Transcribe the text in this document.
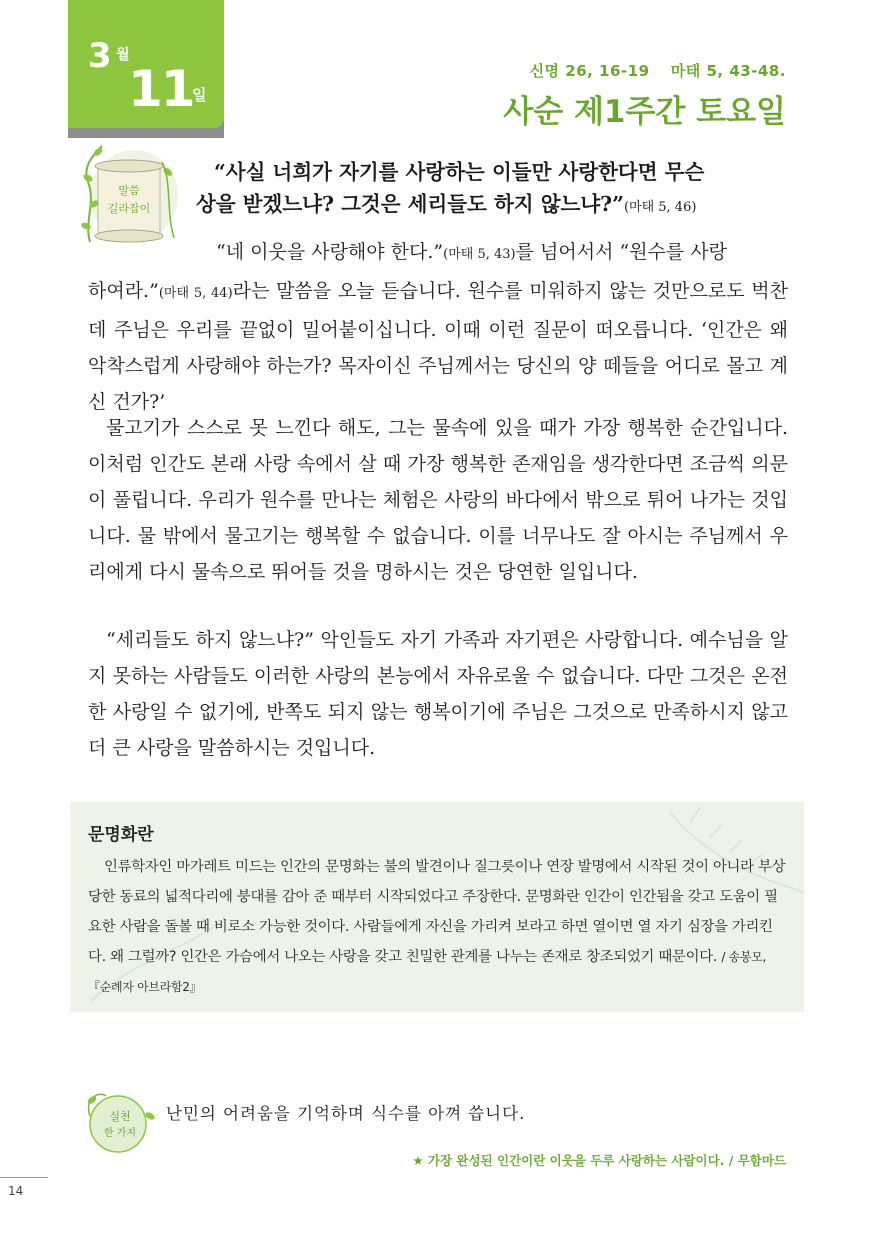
3 월
11
일
신명 26, 16-19　 마태 5, 43-48.
사순 제1주간 토요일
말씀
길라잡이
“사실 너희가 자기를 사랑하는 이들만 사랑한다면 무슨
상을 받겠느냐? 그것은 세리들도 하지 않느냐?”(마태 5, 46)
“네 이웃을 사랑해야 한다.”(마태 5, 43)를 넘어서서 “원수를 사랑
하여라.”(마태 5, 44)라는 말씀을 오늘 듣습니다. 원수를 미워하지 않는 것만으로도 벅찬데 주님은 우리를 끝없이 밀어붙이십니다. 이때 이런 질문이 떠오릅니다. ‘인간은 왜 악착스럽게 사랑해야 하는가? 목자이신 주님께서는 당신의 양 떼들을 어디로 몰고 계신 건가?’
물고기가 스스로 못 느낀다 해도, 그는 물속에 있을 때가 가장 행복한 순간입니다. 이처럼 인간도 본래 사랑 속에서 살 때 가장 행복한 존재임을 생각한다면 조금씩 의문이 풀립니다. 우리가 원수를 만나는 체험은 사랑의 바다에서 밖으로 튀어 나가는 것입니다. 물 밖에서 물고기는 행복할 수 없습니다. 이를 너무나도 잘 아시는 주님께서 우리에게 다시 물속으로 뛰어들 것을 명하시는 것은 당연한 일입니다.
“세리들도 하지 않느냐?” 악인들도 자기 가족과 자기편은 사랑합니다. 예수님을 알지 못하는 사람들도 이러한 사랑의 본능에서 자유로울 수 없습니다. 다만 그것은 온전한 사랑일 수 없기에, 반쪽도 되지 않는 행복이기에 주님은 그것으로 만족하시지 않고 더 큰 사랑을 말씀하시는 것입니다.
문명화란
인류학자인 마가레트 미드는 인간의 문명화는 불의 발견이나 질그릇이나 연장 발명에서 시작된 것이 아니라 부상당한 동료의 넓적다리에 붕대를 감아 준 때부터 시작되었다고 주장한다. 문명화란 인간이 인간됨을 갖고 도움이 필요한 사람을 돌볼 때 비로소 가능한 것이다. 사람들에게 자신을 가리켜 보라고 하면 열이면 열 자기 심장을 가리킨다. 왜 그럴까? 인간은 가슴에서 나오는 사랑을 갖고 친밀한 관계를 나누는 존재로 창조되었기 때문이다. / 송봉모, 『순례자 아브라함2』
실천
한 가지
난민의 어려움을 기억하며 식수를 아껴 씁니다.
★ 가장 완성된 인간이란 이웃을 두루 사랑하는 사람이다. / 무함마드
14
